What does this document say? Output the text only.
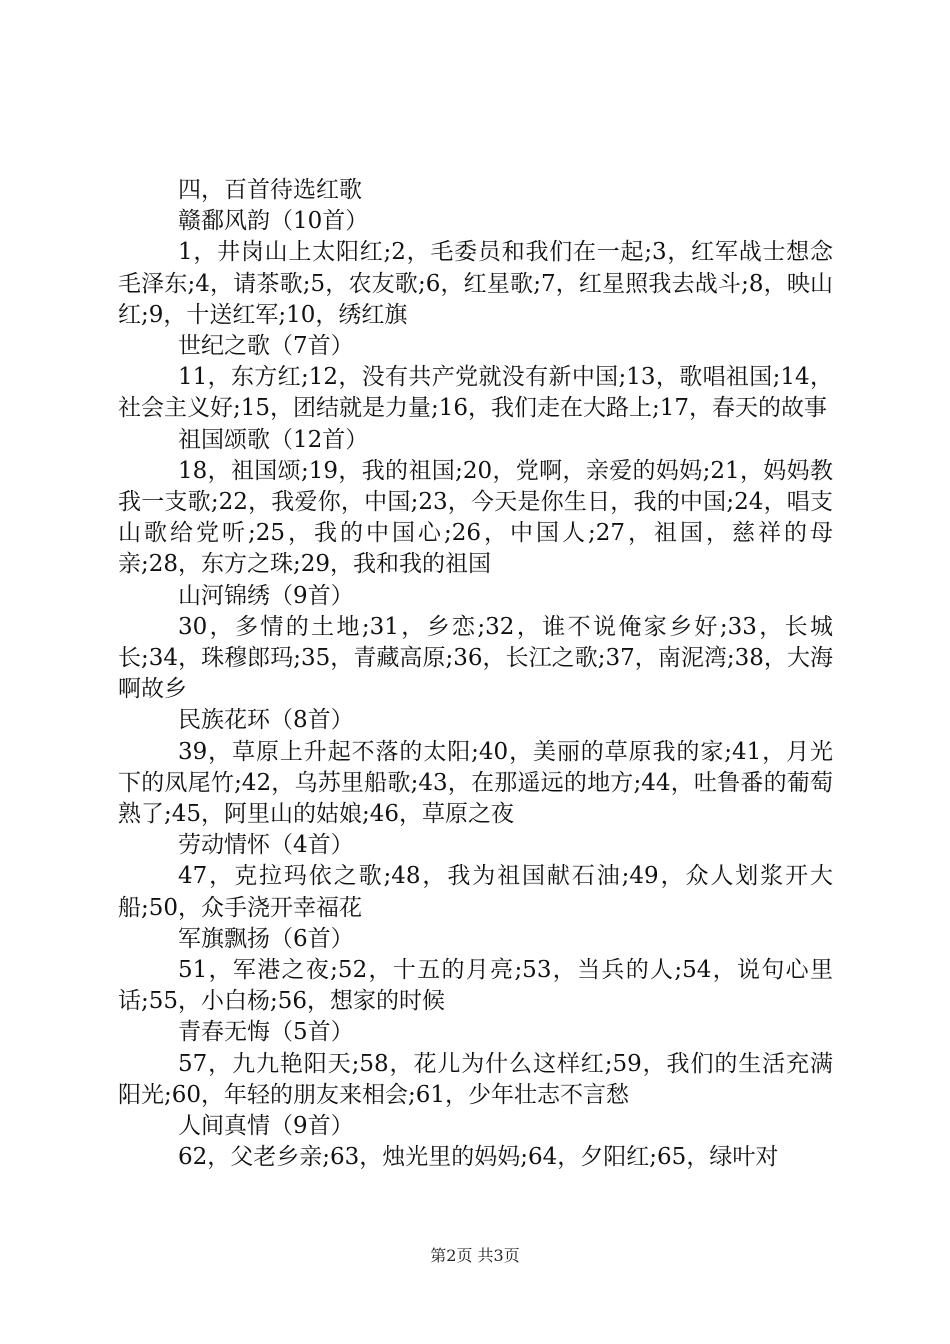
四，百首待选红歌
赣鄱风韵（10首）
1，井岗山上太阳红;2，毛委员和我们在一起;3，红军战士想念毛泽东;4，请茶歌;5，农友歌;6，红星歌;7，红星照我去战斗;8，映山红;9，十送红军;10，绣红旗
世纪之歌（7首）
11，东方红;12，没有共产党就没有新中国;13，歌唱祖国;14，社会主义好;15，团结就是力量;16，我们走在大路上;17，春天的故事
祖国颂歌（12首）
18，祖国颂;19，我的祖国;20，党啊，亲爱的妈妈;21，妈妈教我一支歌;22，我爱你，中国;23，今天是你生日，我的中国;24，唱支山歌给党听;25，我的中国心;26，中国人;27，祖国，慈祥的母亲;28，东方之珠;29，我和我的祖国
山河锦绣（9首）
30，多情的土地;31，乡恋;32，谁不说俺家乡好;33，长城长;34，珠穆郎玛;35，青藏高原;36，长江之歌;37，南泥湾;38，大海啊故乡
民族花环（8首）
39，草原上升起不落的太阳;40，美丽的草原我的家;41，月光下的凤尾竹;42，乌苏里船歌;43，在那遥远的地方;44，吐鲁番的葡萄熟了;45，阿里山的姑娘;46，草原之夜
劳动情怀（4首）
47，克拉玛依之歌;48，我为祖国献石油;49，众人划浆开大船;50，众手浇开幸福花
军旗飘扬（6首）
51，军港之夜;52，十五的月亮;53，当兵的人;54，说句心里话;55，小白杨;56，想家的时候
青春无悔（5首）
57，九九艳阳天;58，花儿为什么这样红;59，我们的生活充满阳光;60，年轻的朋友来相会;61，少年壮志不言愁
人间真情（9首）
62，父老乡亲;63，烛光里的妈妈;64，夕阳红;65，绿叶对
第2页 共3页
